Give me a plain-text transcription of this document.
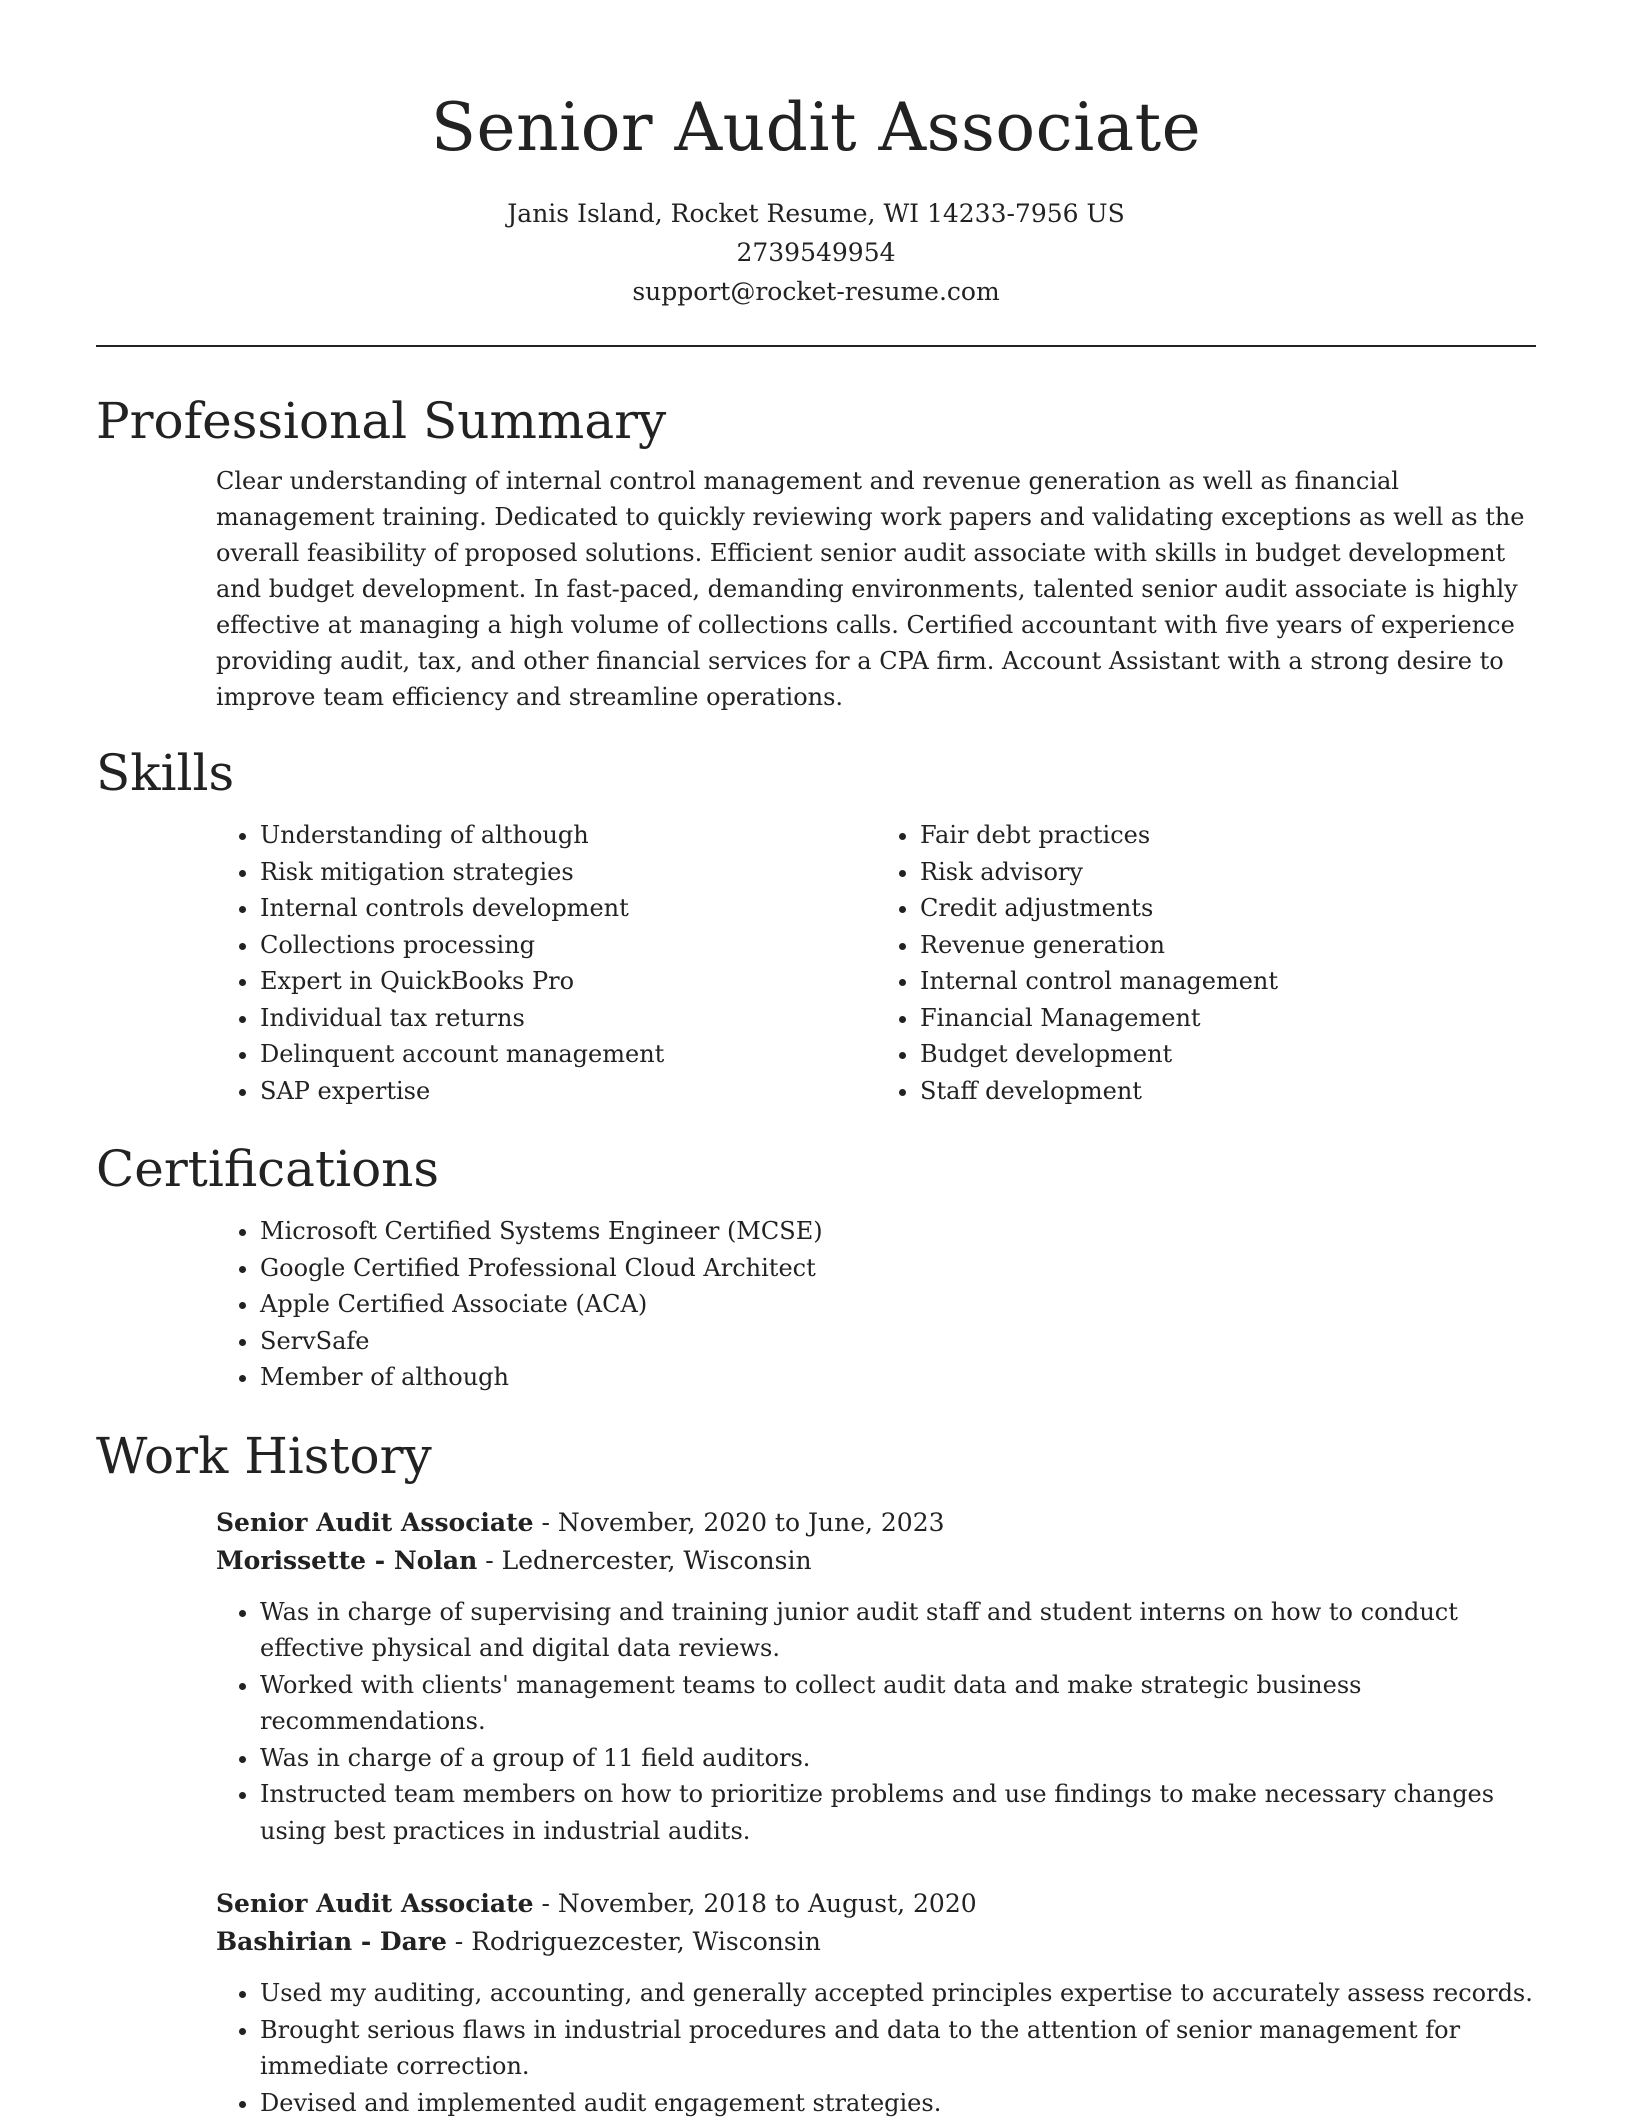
Senior Audit Associate
Janis Island, Rocket Resume, WI 14233-7956 US
2739549954
support@rocket-resume.com
Professional Summary

Clear understanding of internal control management and revenue generation as well as financial management training. Dedicated to quickly reviewing work papers and validating exceptions as well as the overall feasibility of proposed solutions. Efficient senior audit associate with skills in budget development and budget development. In fast-paced, demanding environments, talented senior audit associate is highly effective at managing a high volume of collections calls. Certified accountant with five years of experience providing audit, tax, and other financial services for a CPA firm. Account Assistant with a strong desire to improve team efficiency and streamline operations.

Skills
• Understanding of although
• Risk mitigation strategies
• Internal controls development
• Collections processing
• Expert in QuickBooks Pro
• Individual tax returns
• Delinquent account management
• SAP expertise
• Fair debt practices
• Risk advisory
• Credit adjustments
• Revenue generation
• Internal control management
• Financial Management
• Budget development
• Staff development
Certifications
• Microsoft Certified Systems Engineer (MCSE)
• Google Certified Professional Cloud Architect
• Apple Certified Associate (ACA)
• ServSafe
• Member of although
Work History
Senior Audit Associate - November, 2020 to June, 2023
Morissette - Nolan - Lednercester, Wisconsin
• Was in charge of supervising and training junior audit staff and student interns on how to conduct effective physical and digital data reviews.
• Worked with clients' management teams to collect audit data and make strategic business recommendations.
• Was in charge of a group of 11 field auditors.
• Instructed team members on how to prioritize problems and use findings to make necessary changes using best practices in industrial audits.
Senior Audit Associate - November, 2018 to August, 2020
Bashirian - Dare - Rodriguezcester, Wisconsin
• Used my auditing, accounting, and generally accepted principles expertise to accurately assess records.
• Brought serious flaws in industrial procedures and data to the attention of senior management for immediate correction.
• Devised and implemented audit engagement strategies.
